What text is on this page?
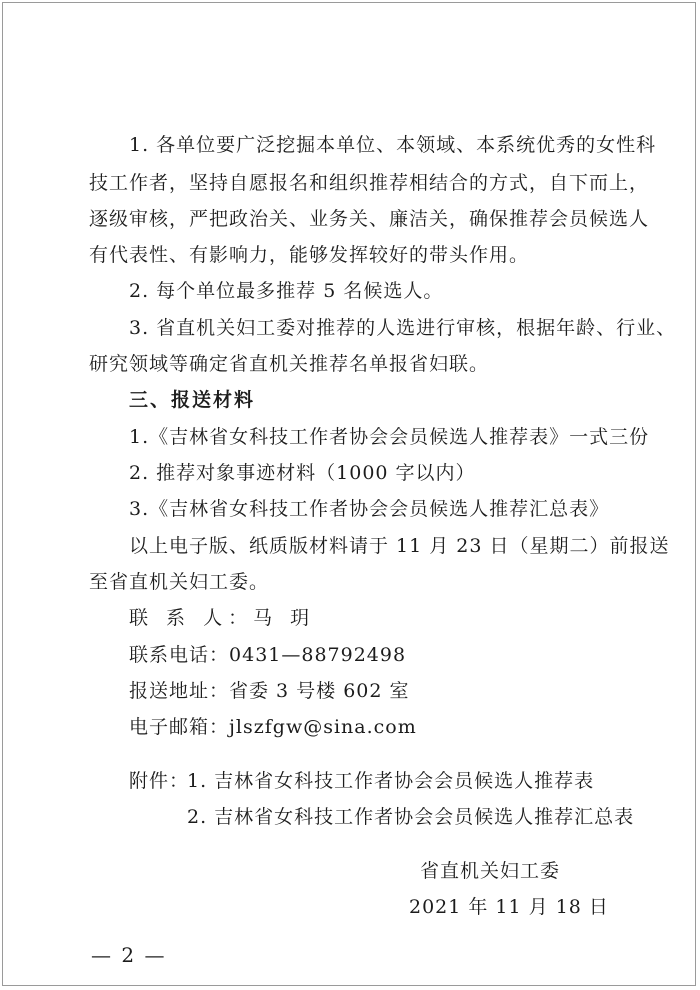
1. 各单位要广泛挖掘本单位、本领域、本系统优秀的女性科
技工作者，坚持自愿报名和组织推荐相结合的方式，自下而上，
逐级审核，严把政治关、业务关、廉洁关，确保推荐会员候选人
有代表性、有影响力，能够发挥较好的带头作用。
2. 每个单位最多推荐 5 名候选人。
3. 省直机关妇工委对推荐的人选进行审核，根据年龄、行业、
研究领域等确定省直机关推荐名单报省妇联。
三、报送材料
1.《吉林省女科技工作者协会会员候选人推荐表》一式三份
2. 推荐对象事迹材料（1000 字以内）
3.《吉林省女科技工作者协会会员候选人推荐汇总表》
以上电子版、纸质版材料请于 11 月 23 日（星期二）前报送
至省直机关妇工委。
联 系 人：马 玥
联系电话：0431—88792498
报送地址：省委 3 号楼 602 室
电子邮箱：jlszfgw@sina.com
附件：
1. 吉林省女科技工作者协会会员候选人推荐表
2. 吉林省女科技工作者协会会员候选人推荐汇总表
省直机关妇工委
2021 年 11 月 18 日
— 2 —
